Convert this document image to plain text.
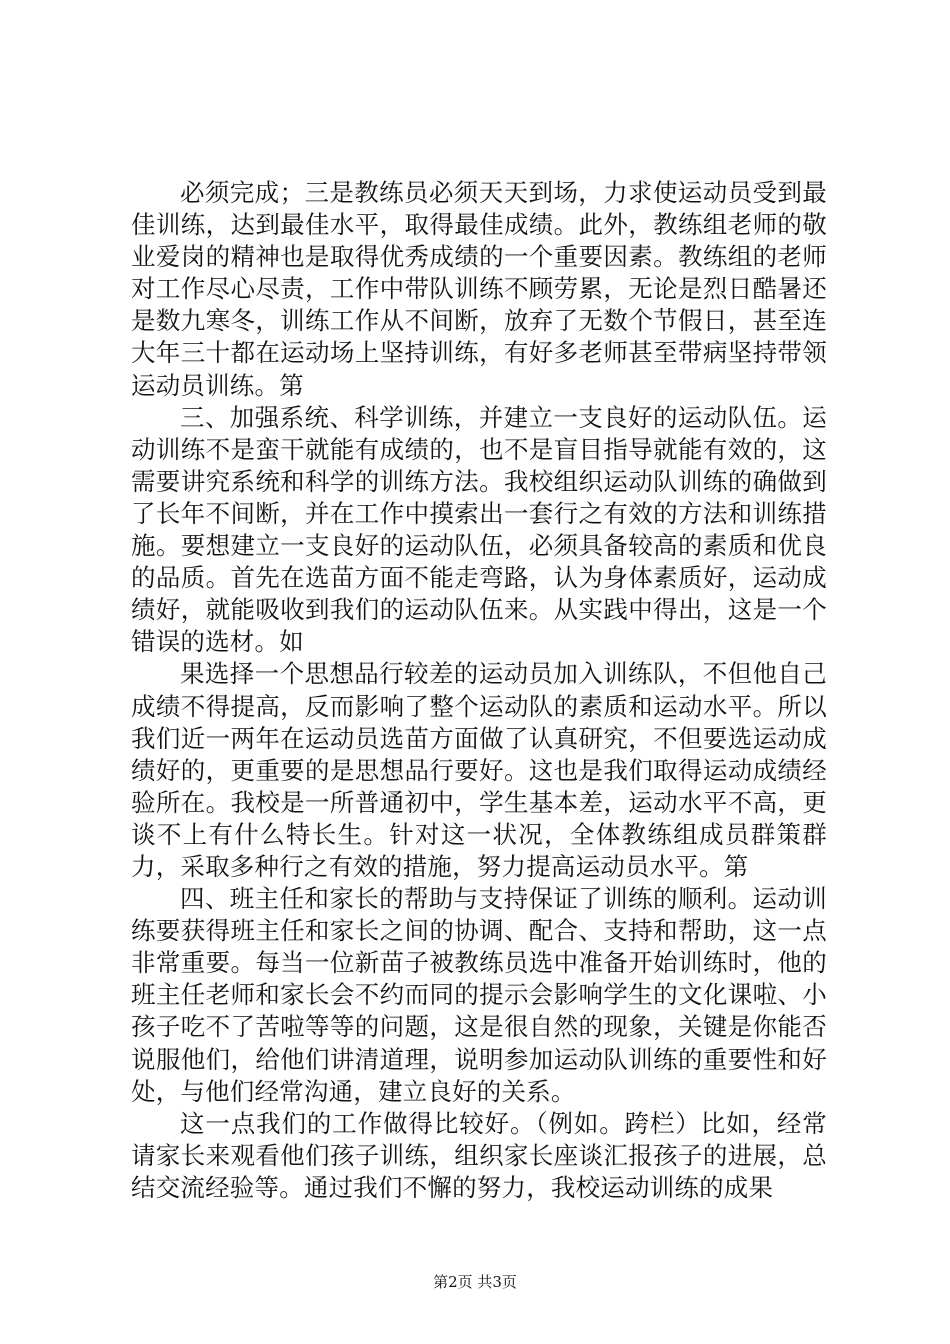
必须完成；三是教练员必须天天到场，力求使运动员受到最佳训练，达到最佳水平，取得最佳成绩。此外，教练组老师的敬业爱岗的精神也是取得优秀成绩的一个重要因素。教练组的老师对工作尽心尽责，工作中带队训练不顾劳累，无论是烈日酷暑还是数九寒冬，训练工作从不间断，放弃了无数个节假日，甚至连大年三十都在运动场上坚持训练，有好多老师甚至带病坚持带领运动员训练。第

三、加强系统、科学训练，并建立一支良好的运动队伍。运动训练不是蛮干就能有成绩的，也不是盲目指导就能有效的，这需要讲究系统和科学的训练方法。我校组织运动队训练的确做到了长年不间断，并在工作中摸索出一套行之有效的方法和训练措施。要想建立一支良好的运动队伍，必须具备较高的素质和优良的品质。首先在选苗方面不能走弯路，认为身体素质好，运动成绩好，就能吸收到我们的运动队伍来。从实践中得出，这是一个错误的选材。如

果选择一个思想品行较差的运动员加入训练队，不但他自己成绩不得提高，反而影响了整个运动队的素质和运动水平。所以我们近一两年在运动员选苗方面做了认真研究，不但要选运动成绩好的，更重要的是思想品行要好。这也是我们取得运动成绩经验所在。我校是一所普通初中，学生基本差，运动水平不高，更谈不上有什么特长生。针对这一状况，全体教练组成员群策群力，采取多种行之有效的措施，努力提高运动员水平。第

四、班主任和家长的帮助与支持保证了训练的顺利。运动训练要获得班主任和家长之间的协调、配合、支持和帮助，这一点非常重要。每当一位新苗子被教练员选中准备开始训练时，他的班主任老师和家长会不约而同的提示会影响学生的文化课啦、小孩子吃不了苦啦等等的问题，这是很自然的现象，关键是你能否说服他们，给他们讲清道理，说明参加运动队训练的重要性和好处，与他们经常沟通，建立良好的关系。

这一点我们的工作做得比较好。（例如。跨栏）比如，经常请家长来观看他们孩子训练，组织家长座谈汇报孩子的进展，总结交流经验等。通过我们不懈的努力，我校运动训练的成果

第2页 共3页
